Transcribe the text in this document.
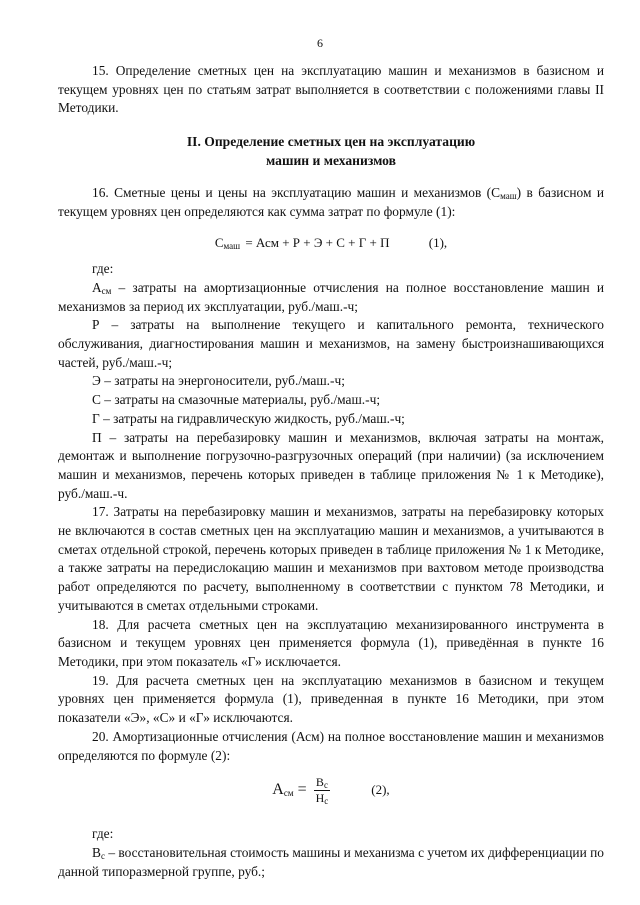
6

15. Определение сметных цен на эксплуатацию машин и механизмов в базисном и текущем уровнях цен по статьям затрат выполняется в соответствии с положениями главы II Методики.

II. Определение сметных цен на эксплуатацию
машин и механизмов

16. Сметные цены и цены на эксплуатацию машин и механизмов $(С_{маш})$ в базисном и текущем уровнях цен определяются как сумма затрат по формуле (1):

$С_{маш}$ = Асм + Р + Э + С + Г + П	(1),

где:

$А_{см}$ – затраты на амортизационные отчисления на полное восстановление машин и механизмов за период их эксплуатации, руб./маш.-ч;

Р – затраты на выполнение текущего и капитального ремонта, технического обслуживания, диагностирования машин и механизмов, на замену быстроизнашивающихся частей, руб./маш.-ч;

Э – затраты на энергоносители, руб./маш.-ч;

С – затраты на смазочные материалы, руб./маш.-ч;

Г – затраты на гидравлическую жидкость, руб./маш.-ч;

П – затраты на перебазировку машин и механизмов, включая затраты на монтаж, демонтаж и выполнение погрузочно-разгрузочных операций (при наличии) (за исключением машин и механизмов, перечень которых приведен в таблице приложения № 1 к Методике), руб./маш.-ч.

17. Затраты на перебазировку машин и механизмов, затраты на перебазировку которых не включаются в состав сметных цен на эксплуатацию машин и механизмов, а учитываются в сметах отдельной строкой, перечень которых приведен в таблице приложения № 1 к Методике, а также затраты на передислокацию машин и механизмов при вахтовом методе производства работ определяются по расчету, выполненному в соответствии с пунктом 78 Методики, и учитываются в сметах отдельными строками.

18. Для расчета сметных цен на эксплуатацию механизированного инструмента в базисном и текущем уровнях цен применяется формула (1), приведённая в пункте 16 Методики, при этом показатель «Г» исключается.

19. Для расчета сметных цен на эксплуатацию механизмов в базисном и текущем уровнях цен применяется формула (1), приведенная в пункте 16 Методики, при этом показатели «Э», «С» и «Г» исключаются.

20. Амортизационные отчисления (Асм) на полное восстановление машин и механизмов определяются по формуле (2):

$А_{см} = \frac{В_с}{Н_с}$	(2),

где:

$В_с$ – восстановительная стоимость машины и механизма с учетом их дифференциации по данной типоразмерной группе, руб.;
